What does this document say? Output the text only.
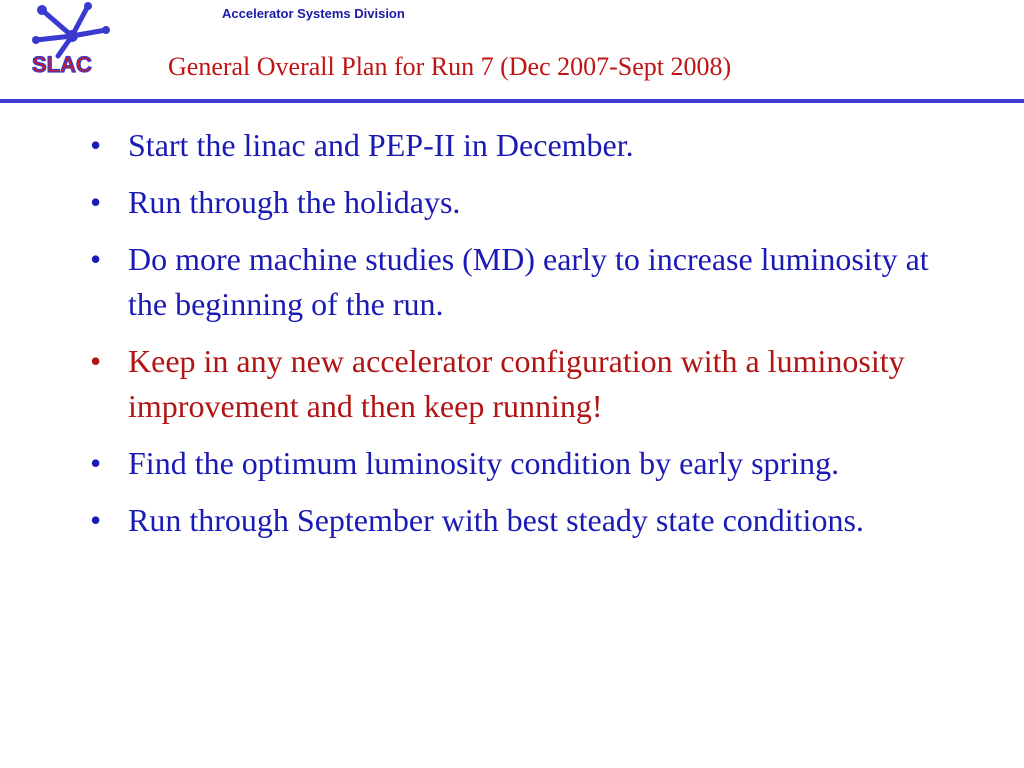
SLAC
Accelerator Systems Division
General Overall Plan for Run 7 (Dec 2007-Sept 2008)
• Start the linac and PEP-II in December.
• Run through the holidays.
• Do more machine studies (MD) early to increase luminosity at the beginning of the run.
• Keep in any new accelerator configuration with a luminosity improvement and then keep running!
• Find the optimum luminosity condition by early spring.
• Run through September with best steady state conditions.
